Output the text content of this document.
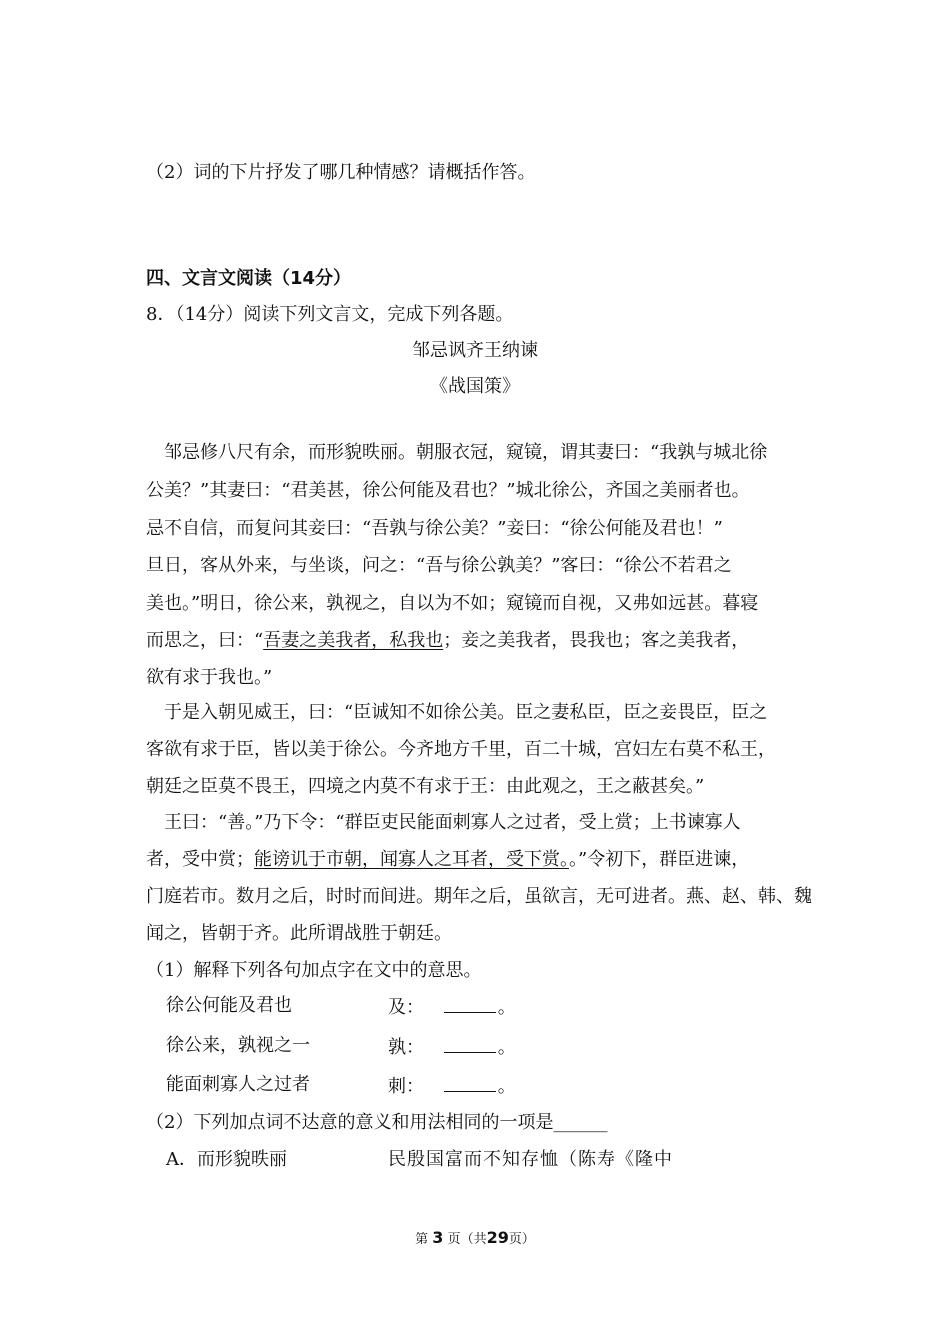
（2）词的下片抒发了哪几种情感？请概括作答。
四、文言文阅读（14分）
8．（14分）阅读下列文言文，完成下列各题。
邹忌讽齐王纳谏
《战国策》
　邹忌修八尺有余，而形貌昳丽。朝服衣冠，窥镜，谓其妻曰：“我孰与城北徐
公美？”其妻曰：“君美甚，徐公何能及君也？”城北徐公，齐国之美丽者也。
忌不自信，而复问其妾曰：“吾孰与徐公美？”妾曰：“徐公何能及君也！”
旦日，客从外来，与坐谈，问之：“吾与徐公孰美？”客曰：“徐公不若君之
美也。”明日，徐公来，孰视之，自以为不如；窥镜而自视，又弗如远甚。暮寝
而思之，曰：“吾妻之美我者，私我也；妾之美我者，畏我也；客之美我者，
欲有求于我也。”
　于是入朝见威王，曰：“臣诚知不如徐公美。臣之妻私臣，臣之妾畏臣，臣之
客欲有求于臣，皆以美于徐公。今齐地方千里，百二十城，宫妇左右莫不私王，
朝廷之臣莫不畏王，四境之内莫不有求于王：由此观之，王之蔽甚矣。”
　王曰：“善。”乃下令：“群臣吏民能面刺寡人之过者，受上赏；上书谏寡人
者，受中赏；能谤讥于市朝，闻寡人之耳者，受下赏。。”令初下，群臣进谏，
门庭若市。数月之后，时时而间进。期年之后，虽欲言，无可进者。燕、赵、韩、魏
闻之，皆朝于齐。此所谓战胜于朝廷。
（1）解释下列各句加点字在文中的意思。
徐公何能及君也	及：	。
徐公来，孰视之一	孰：	。
能面刺寡人之过者	刺：	。
（2）下列加点词不达意的意义和用法相同的一项是______
A．而形貌昳丽	民殷国富而不知存恤（陈寿《隆中
第 3 页（共29页）
